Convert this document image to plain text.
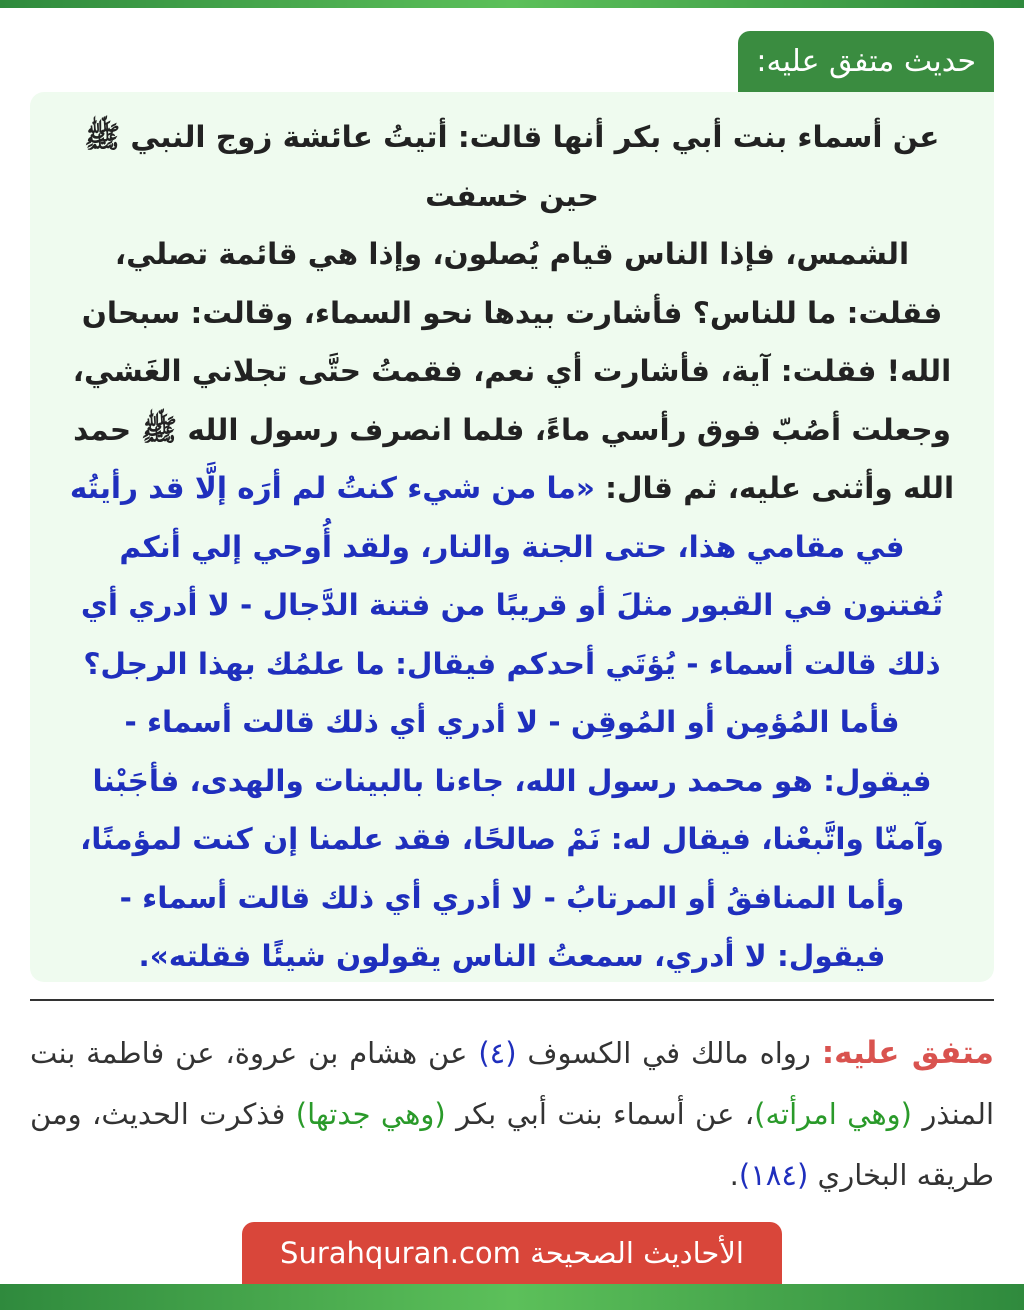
حديث متفق عليه:

عن أسماء بنت أبي بكر أنها قالت: أتيتُ عائشة زوج النبي ﷺ

حين خسفت

الشمس، فإذا الناس قيام يُصلون، وإذا هي قائمة تصلي،

فقلت: ما للناس؟ فأشارت بيدها نحو السماء، وقالت: سبحان

الله! فقلت: آية، فأشارت أي نعم، فقمتُ حتَّى تجلاني الغَشي،

وجعلت أصُبّ فوق رأسي ماءً، فلما انصرف رسول الله ﷺ حمد

الله وأثنى عليه، ثم قال: «ما من شيء كنتُ لم أرَه إلَّا قد رأيتُه

في مقامي هذا، حتى الجنة والنار، ولقد أُوحي إلي أنكم

تُفتنون في القبور مثلَ أو قريبًا من فتنة الدَّجال - لا أدري أي

ذلك قالت أسماء - يُؤتَي أحدكم فيقال: ما علمُك بهذا الرجل؟

فأما المُؤمِن أو المُوقِن - لا أدري أي ذلك قالت أسماء -

فيقول: هو محمد رسول الله، جاءنا بالبينات والهدى، فأجَبْنا

وآمنّا واتَّبعْنا، فيقال له: نَمْ صالحًا، فقد علمنا إن كنت لمؤمنًا،

وأما المنافقُ أو المرتابُ - لا أدري أي ذلك قالت أسماء -

فيقول: لا أدري، سمعتُ الناس يقولون شيئًا فقلته».

متفق عليه: رواه مالك في الكسوف (٤) عن هشام بن عروة، عن فاطمة بنت المنذر (وهي امرأته)، عن أسماء بنت أبي بكر (وهي جدتها) فذكرت الحديث، ومن طريقه البخاري (١٨٤).

الأحاديث الصحيحة Surahquran.com
